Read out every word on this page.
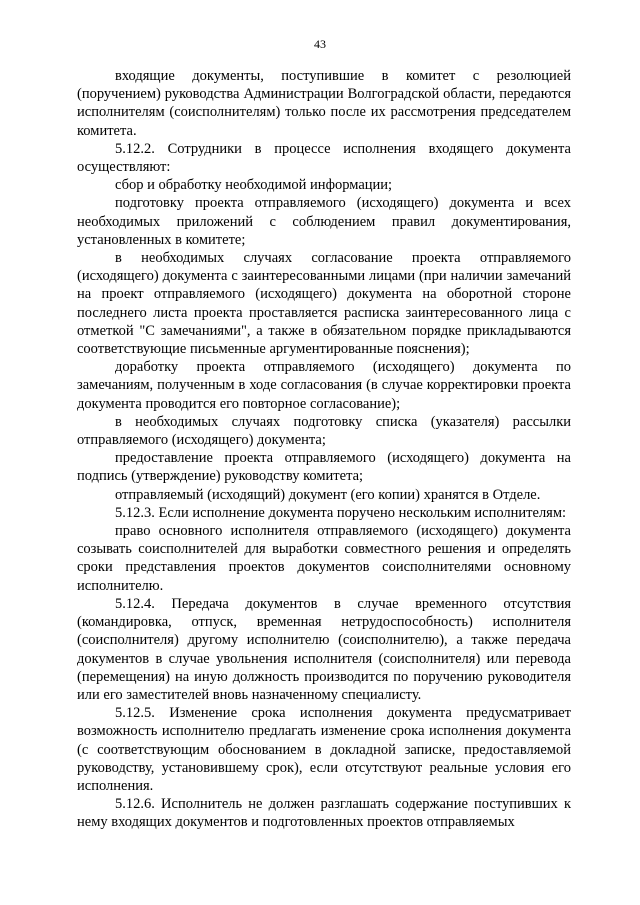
43

входящие документы, поступившие в комитет с резолюцией (поручением) руководства Администрации Волгоградской области, передаются исполнителям (соисполнителям) только после их рассмотрения председателем комитета.

5.12.2. Сотрудники в процессе исполнения входящего документа осуществляют:

сбор и обработку необходимой информации;

подготовку проекта отправляемого (исходящего) документа и всех необходимых приложений с соблюдением правил документирования, установленных в комитете;

в необходимых случаях согласование проекта отправляемого (исходящего) документа с заинтересованными лицами (при наличии замечаний на проект отправляемого (исходящего) документа на оборотной стороне последнего листа проекта проставляется расписка заинтересованного лица с отметкой "С замечаниями", а также в обязательном порядке прикладываются соответствующие письменные аргументированные пояснения);

доработку проекта отправляемого (исходящего) документа по замечаниям, полученным в ходе согласования (в случае корректировки проекта документа проводится его повторное согласование);

в необходимых случаях подготовку списка (указателя) рассылки отправляемого (исходящего) документа;

предоставление проекта отправляемого (исходящего) документа на подпись (утверждение) руководству комитета;

отправляемый (исходящий) документ (его копии) хранятся в Отделе.

5.12.3. Если исполнение документа поручено нескольким исполнителям:

право основного исполнителя отправляемого (исходящего) документа созывать соисполнителей для выработки совместного решения и определять сроки представления проектов документов соисполнителями основному исполнителю.

5.12.4. Передача документов в случае временного отсутствия (командировка, отпуск, временная нетрудоспособность) исполнителя (соисполнителя) другому исполнителю (соисполнителю), а также передача документов в случае увольнения исполнителя (соисполнителя) или перевода (перемещения) на иную должность производится по поручению руководителя или его заместителей вновь назначенному специалисту.

5.12.5. Изменение срока исполнения документа предусматривает возможность исполнителю предлагать изменение срока исполнения документа (с соответствующим обоснованием в докладной записке, предоставляемой руководству, установившему срок), если отсутствуют реальные условия его исполнения.

5.12.6. Исполнитель не должен разглашать содержание поступивших к нему входящих документов и подготовленных проектов отправляемых
